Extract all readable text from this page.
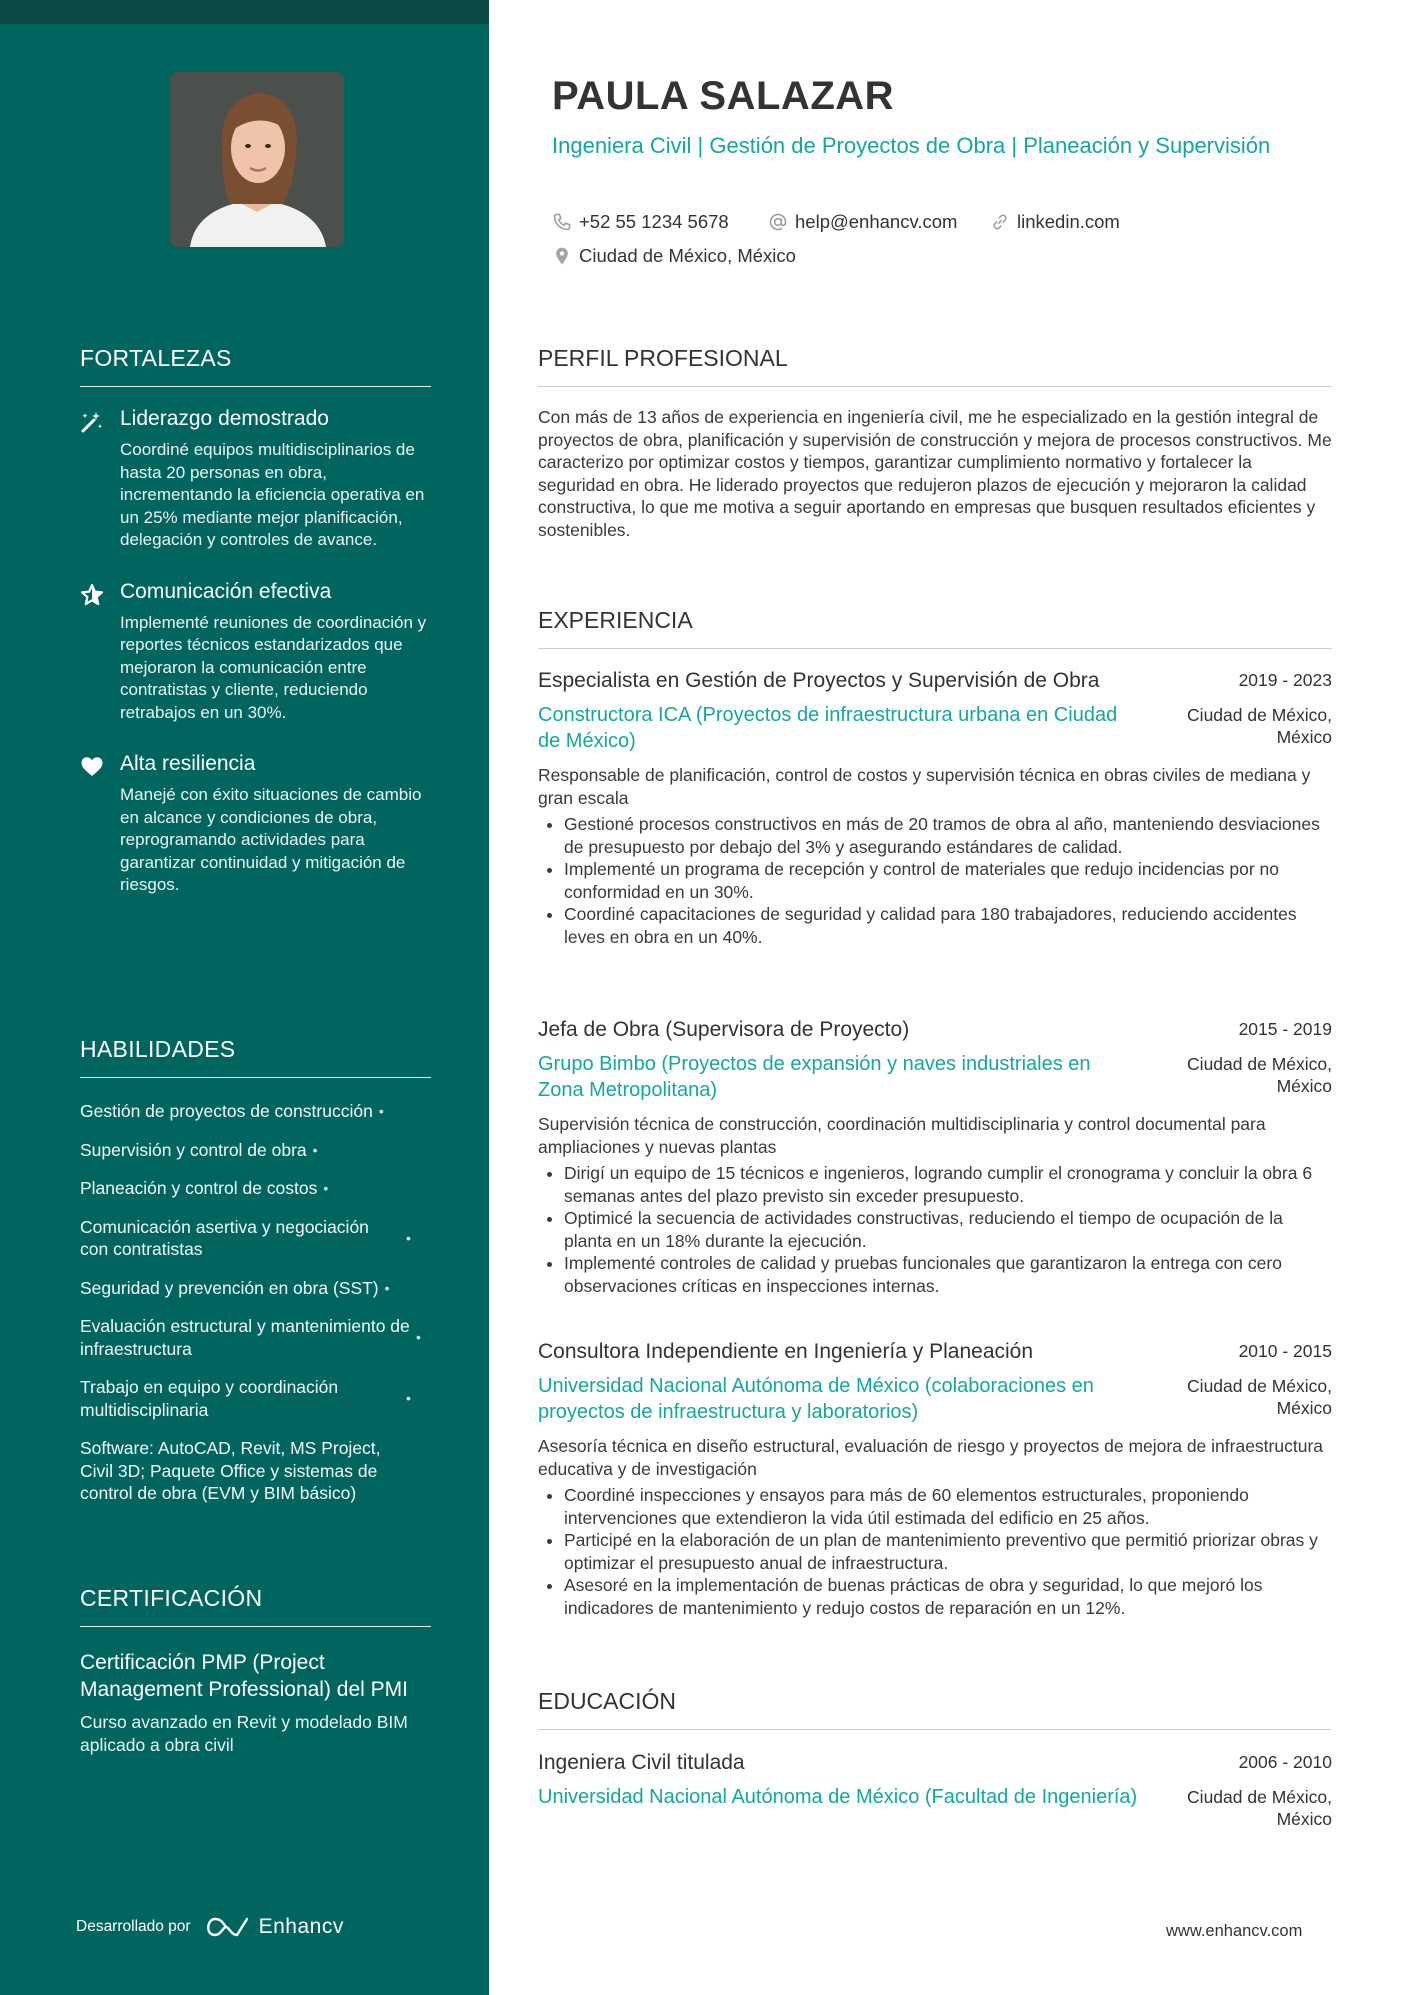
FORTALEZAS
Liderazgo demostrado
Coordiné equipos multidisciplinarios de hasta 20 personas en obra, incrementando la eficiencia operativa en un 25% mediante mejor planificación, delegación y controles de avance.
Comunicación efectiva
Implementé reuniones de coordinación y reportes técnicos estandarizados que mejoraron la comunicación entre contratistas y cliente, reduciendo retrabajos en un 30%.
Alta resiliencia
Manejé con éxito situaciones de cambio en alcance y condiciones de obra, reprogramando actividades para garantizar continuidad y mitigación de riesgos.
HABILIDADES
Gestión de proyectos de construcción •
Supervisión y control de obra •
Planeación y control de costos •
Comunicación asertiva y negociación con contratistas
•
Seguridad y prevención en obra (SST) •
Evaluación estructural y mantenimiento de infraestructura
•
Trabajo en equipo y coordinación multidisciplinaria
•
Software: AutoCAD, Revit, MS Project, Civil 3D; Paquete Office y sistemas de control de obra (EVM y BIM básico)
CERTIFICACIÓN
Certificación PMP (Project Management Professional) del PMI
Curso avanzado en Revit y modelado BIM aplicado a obra civil
Desarrollado por	Enhancv
PAULA SALAZAR
Ingeniera Civil | Gestión de Proyectos de Obra | Planeación y Supervisión
+52 55 1234 5678	help@enhancv.com	linkedin.com
Ciudad de México, México
PERFIL PROFESIONAL
Con más de 13 años de experiencia en ingeniería civil, me he especializado en la gestión integral de proyectos de obra, planificación y supervisión de construcción y mejora de procesos constructivos. Me caracterizo por optimizar costos y tiempos, garantizar cumplimiento normativo y fortalecer la seguridad en obra. He liderado proyectos que redujeron plazos de ejecución y mejoraron la calidad constructiva, lo que me motiva a seguir aportando en empresas que busquen resultados eficientes y sostenibles.
EXPERIENCIA
Especialista en Gestión de Proyectos y Supervisión de Obra	2019 - 2023
Constructora ICA (Proyectos de infraestructura urbana en Ciudad de México)
Ciudad de México,
México
Responsable de planificación, control de costos y supervisión técnica en obras civiles de mediana y gran escala
• Gestioné procesos constructivos en más de 20 tramos de obra al año, manteniendo desviaciones de presupuesto por debajo del 3% y asegurando estándares de calidad.
• Implementé un programa de recepción y control de materiales que redujo incidencias por no conformidad en un 30%.
• Coordiné capacitaciones de seguridad y calidad para 180 trabajadores, reduciendo accidentes leves en obra en un 40%.
Jefa de Obra (Supervisora de Proyecto)	2015 - 2019
Grupo Bimbo (Proyectos de expansión y naves industriales en Zona Metropolitana)
Ciudad de México,
México
Supervisión técnica de construcción, coordinación multidisciplinaria y control documental para ampliaciones y nuevas plantas
• Dirigí un equipo de 15 técnicos e ingenieros, logrando cumplir el cronograma y concluir la obra 6 semanas antes del plazo previsto sin exceder presupuesto.
• Optimicé la secuencia de actividades constructivas, reduciendo el tiempo de ocupación de la planta en un 18% durante la ejecución.
• Implementé controles de calidad y pruebas funcionales que garantizaron la entrega con cero observaciones críticas en inspecciones internas.
Consultora Independiente en Ingeniería y Planeación	2010 - 2015
Universidad Nacional Autónoma de México (colaboraciones en proyectos de infraestructura y laboratorios)
Ciudad de México,
México
Asesoría técnica en diseño estructural, evaluación de riesgo y proyectos de mejora de infraestructura educativa y de investigación
• Coordiné inspecciones y ensayos para más de 60 elementos estructurales, proponiendo intervenciones que extendieron la vida útil estimada del edificio en 25 años.
• Participé en la elaboración de un plan de mantenimiento preventivo que permitió priorizar obras y optimizar el presupuesto anual de infraestructura.
• Asesoré en la implementación de buenas prácticas de obra y seguridad, lo que mejoró los indicadores de mantenimiento y redujo costos de reparación en un 12%.
EDUCACIÓN
Ingeniera Civil titulada	2006 - 2010
Universidad Nacional Autónoma de México (Facultad de Ingeniería)	Ciudad de México,
México
www.enhancv.com
